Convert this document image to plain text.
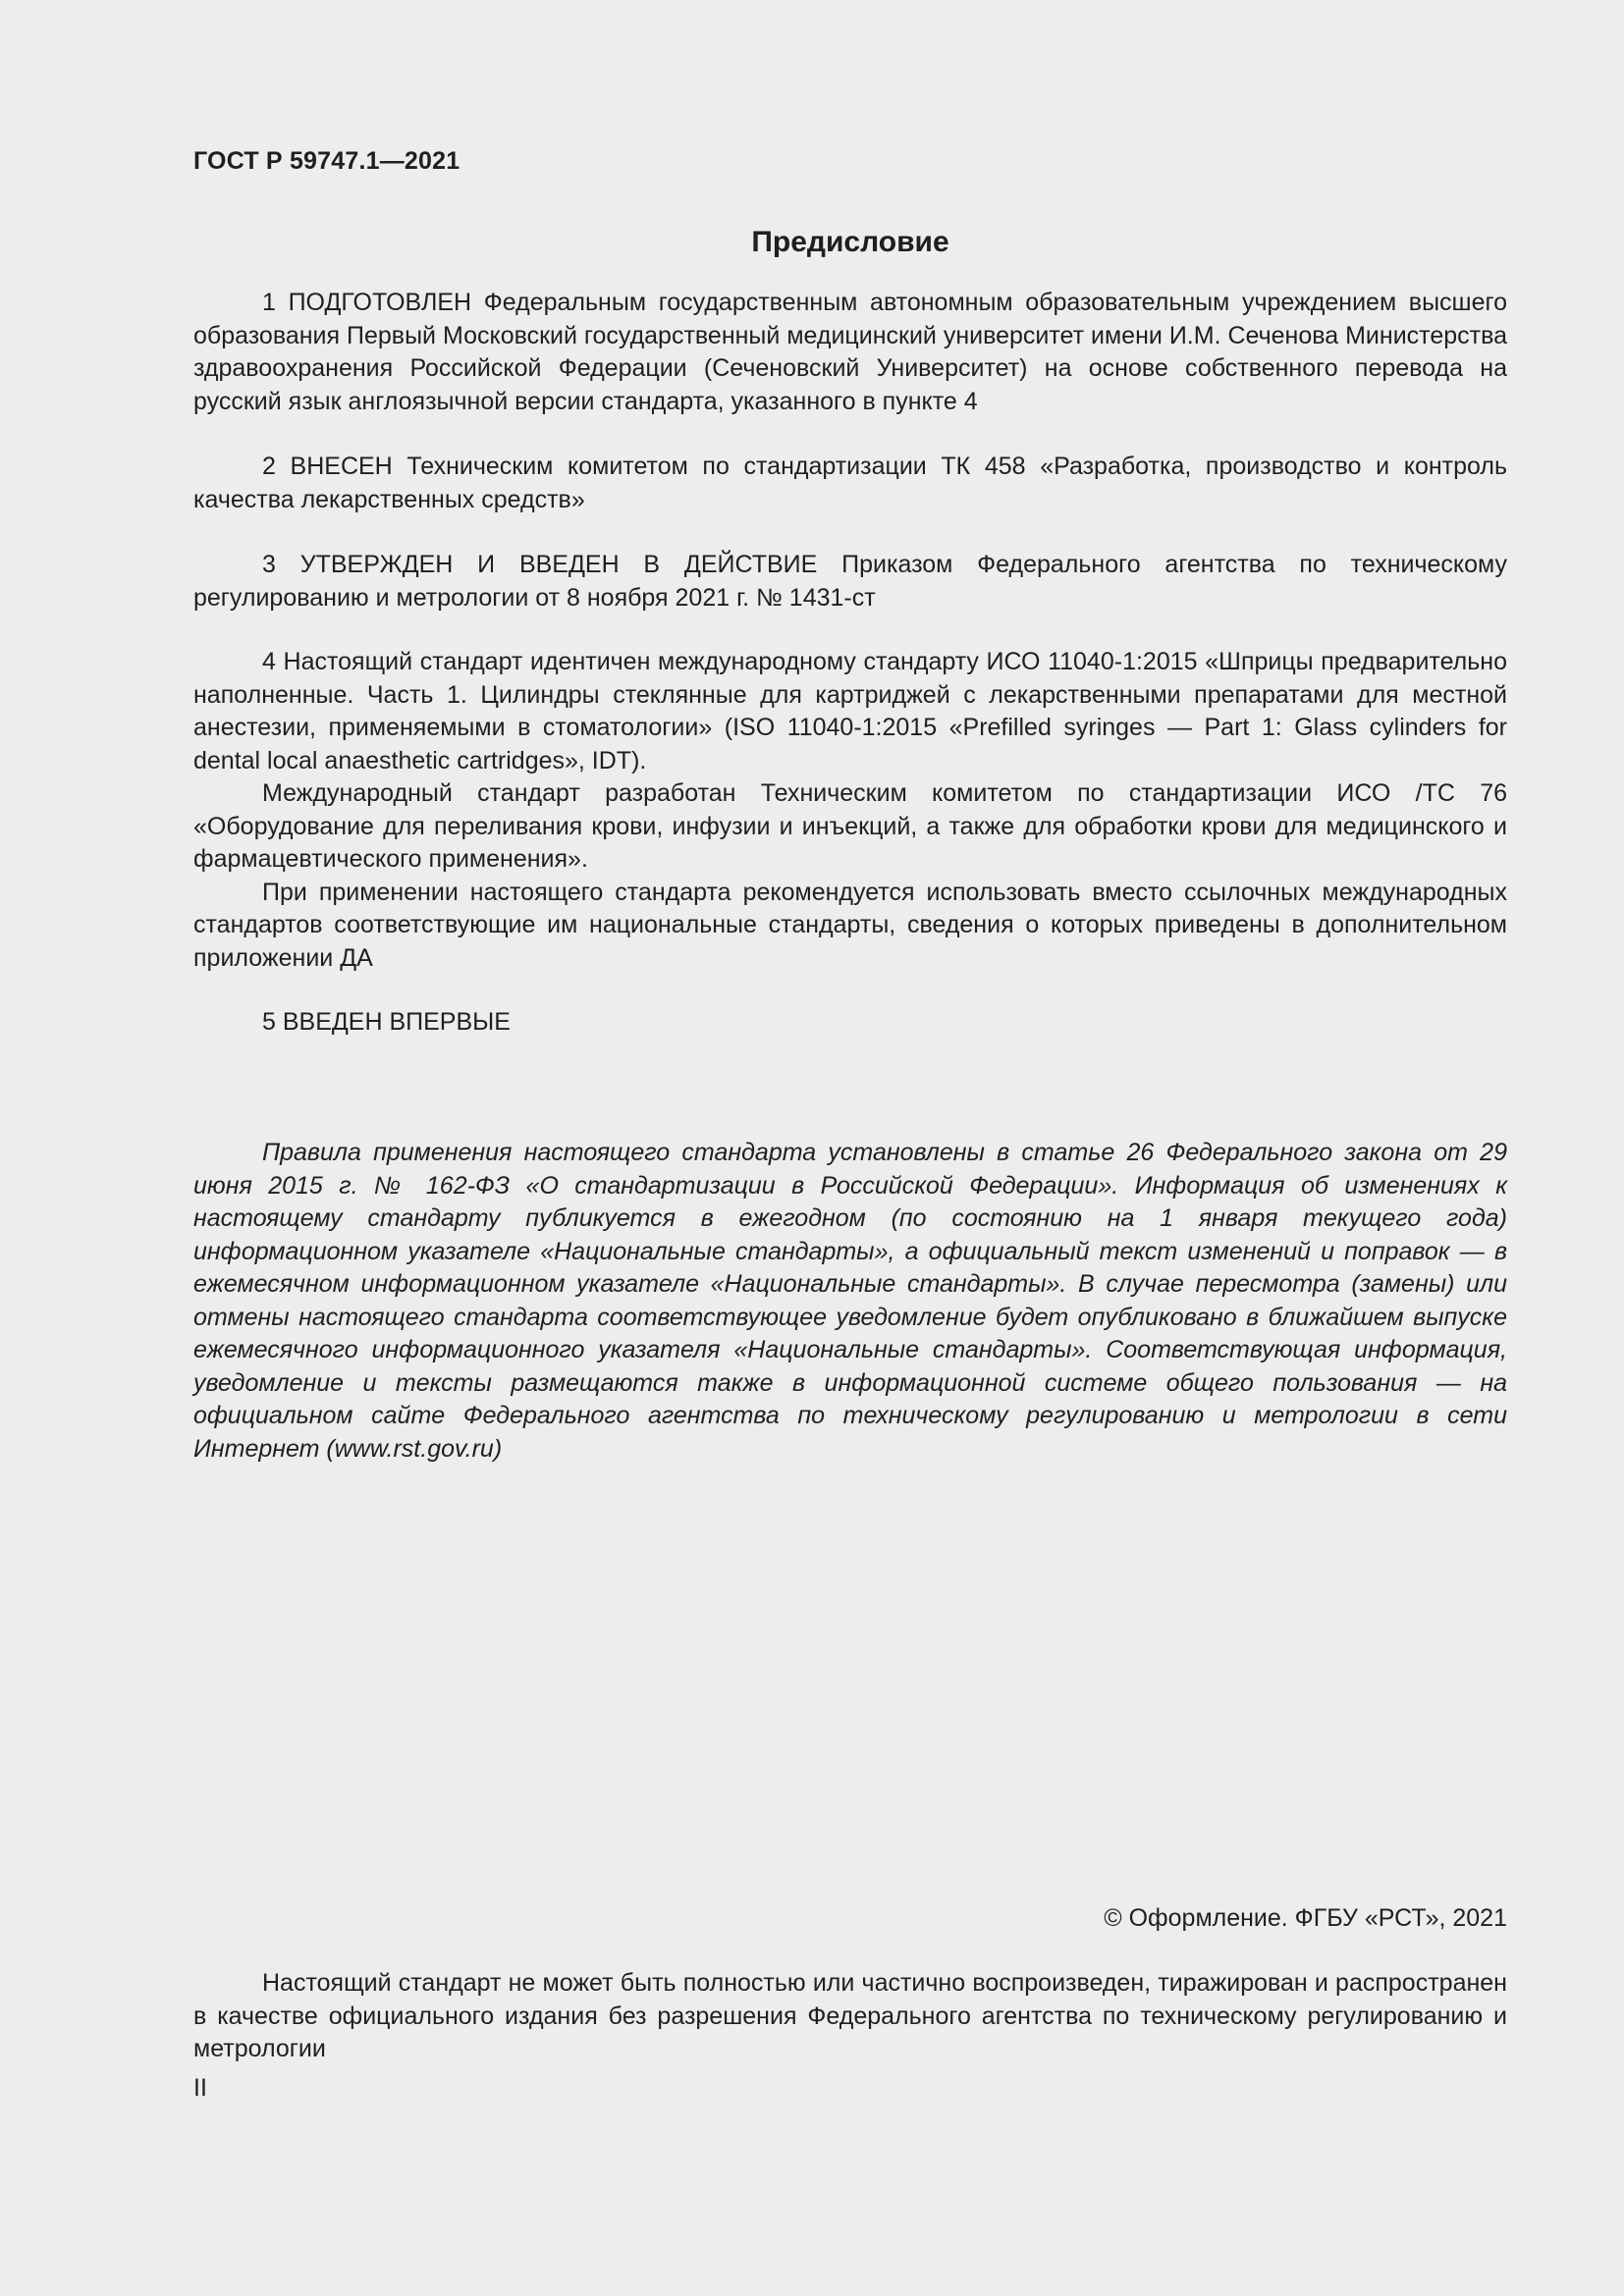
ГОСТ Р 59747.1—2021
Предисловие

1 ПОДГОТОВЛЕН Федеральным государственным автономным образовательным учреждением высшего образования Первый Московский государственный медицинский университет имени И.М. Сеченова Министерства здравоохранения Российской Федерации (Сеченовский Университет) на основе собственного перевода на русский язык англоязычной версии стандарта, указанного в пункте 4

2 ВНЕСЕН Техническим комитетом по стандартизации ТК 458 «Разработка, производство и контроль качества лекарственных средств»

3 УТВЕРЖДЕН И ВВЕДЕН В ДЕЙСТВИЕ Приказом Федерального агентства по техническому регулированию и метрологии от 8 ноября 2021 г. № 1431-ст

4 Настоящий стандарт идентичен международному стандарту ИСО 11040-1:2015 «Шприцы предварительно наполненные. Часть 1. Цилиндры стеклянные для картриджей с лекарственными препаратами для местной анестезии, применяемыми в стоматологии» (ISO 11040-1:2015 «Prefilled syringes — Part 1: Glass cylinders for dental local anaesthetic cartridges», IDT).

Международный стандарт разработан Техническим комитетом по стандартизации ИСО /ТС 76 «Оборудование для переливания крови, инфузии и инъекций, а также для обработки крови для медицинского и фармацевтического применения».

При применении настоящего стандарта рекомендуется использовать вместо ссылочных международных стандартов соответствующие им национальные стандарты, сведения о которых приведены в дополнительном приложении ДА

5 ВВЕДЕН ВПЕРВЫЕ

Правила применения настоящего стандарта установлены в статье 26 Федерального закона от 29 июня 2015 г. № 162-ФЗ «О стандартизации в Российской Федерации». Информация об изменениях к настоящему стандарту публикуется в ежегодном (по состоянию на 1 января текущего года) информационном указателе «Национальные стандарты», а официальный текст изменений и поправок — в ежемесячном информационном указателе «Национальные стандарты». В случае пересмотра (замены) или отмены настоящего стандарта соответствующее уведомление будет опубликовано в ближайшем выпуске ежемесячного информационного указателя «Национальные стандарты». Соответствующая информация, уведомление и тексты размещаются также в информационной системе общего пользования — на официальном сайте Федерального агентства по техническому регулированию и метрологии в сети Интернет (www.rst.gov.ru)

© Оформление. ФГБУ «РСТ», 2021

Настоящий стандарт не может быть полностью или частично воспроизведен, тиражирован и распространен в качестве официального издания без разрешения Федерального агентства по техническому регулированию и метрологии

II
